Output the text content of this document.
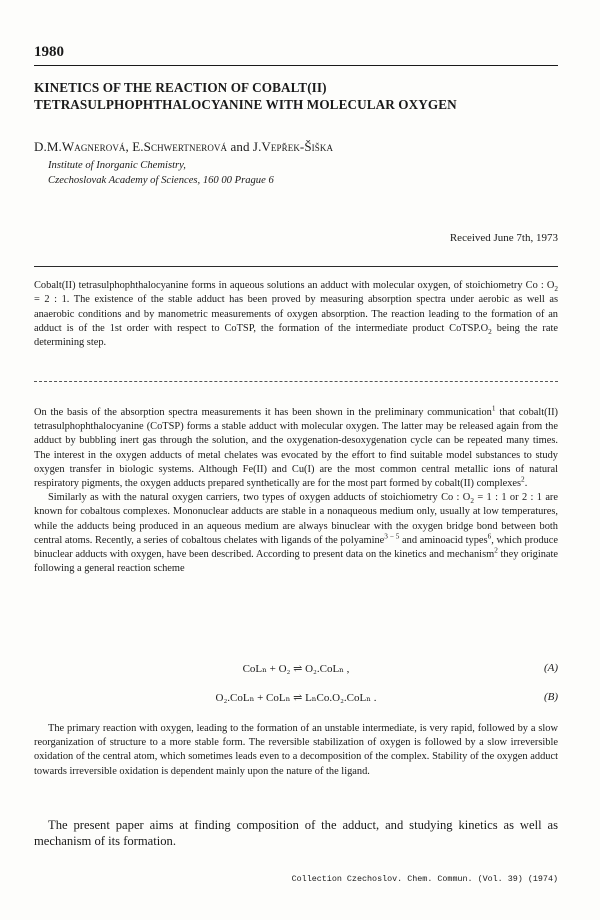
1980
KINETICS OF THE REACTION OF COBALT(II)
TETRASULPHOPHTHALOCYANINE WITH MOLECULAR OXYGEN
D.M.Wagnerová, E.Schwertnerová and J.Vepřek-Šiška
Institute of Inorganic Chemistry,
Czechoslovak Academy of Sciences, 160 00 Prague 6
Received June 7th, 1973
Cobalt(II) tetrasulphophthalocyanine forms in aqueous solutions an adduct with molecular oxygen, of stoichiometry Co : $O_2 = 2$ : 1. The existence of the stable adduct has been proved by measuring absorption spectra under aerobic as well as anaerobic conditions and by manometric measurements of oxygen absorption. The reaction leading to the formation of an adduct is of the 1st order with respect to CoTSP, the formation of the intermediate product $CoTSP.O_2$ being the rate determining step.

On the basis of the absorption spectra measurements it has been shown in the preliminary communication$^1$ that cobalt(II) tetrasulphophthalocyanine (CoTSP) forms a stable adduct with molecular oxygen. The latter may be released again from the adduct by bubbling inert gas through the solution, and the oxygenation-desoxygenation cycle can be repeated many times. The interest in the oxygen adducts of metal chelates was evocated by the effort to find suitable model substances to study oxygen transfer in biologic systems. Although Fe(II) and Cu(I) are the most common central metallic ions of natural respiratory pigments, the oxygen adducts prepared synthetically are for the most part formed by cobalt(II) complexes$^2$.

Similarly as with the natural oxygen carriers, two types of oxygen adducts of stoichiometry Co : $O_2 = 1$ : 1 or 2 : 1 are known for cobaltous complexes. Mononuclear adducts are stable in a nonaqueous medium only, usually at low temperatures, while the adducts being produced in an aqueous medium are always binuclear with the oxygen bridge bond between both central atoms. Recently, a series of cobaltous chelates with ligands of the polyamine$^{3 - 5}$ and aminoacid types$^6$, which produce binuclear adducts with oxygen, have been described. According to present data on the kinetics and mechanism$^2$ they originate following a general reaction scheme

CoLₙ + O₂ ⇌ O₂.CoLₙ ,	(A)
O₂.CoLₙ + CoLₙ ⇌ LₙCo.O₂.CoLₙ .	(B)

The primary reaction with oxygen, leading to the formation of an unstable intermediate, is very rapid, followed by a slow reorganization of structure to a more stable form. The reversible stabilization of oxygen is followed by a slow irreversible oxidation of the central atom, which sometimes leads even to a decomposition of the complex. Stability of the oxygen adduct towards irreversible oxidation is dependent mainly upon the nature of the ligand.

The present paper aims at finding composition of the adduct, and studying kinetics as well as mechanism of its formation.

Collection Czechoslov. Chem. Commun. (Vol. 39) (1974)
